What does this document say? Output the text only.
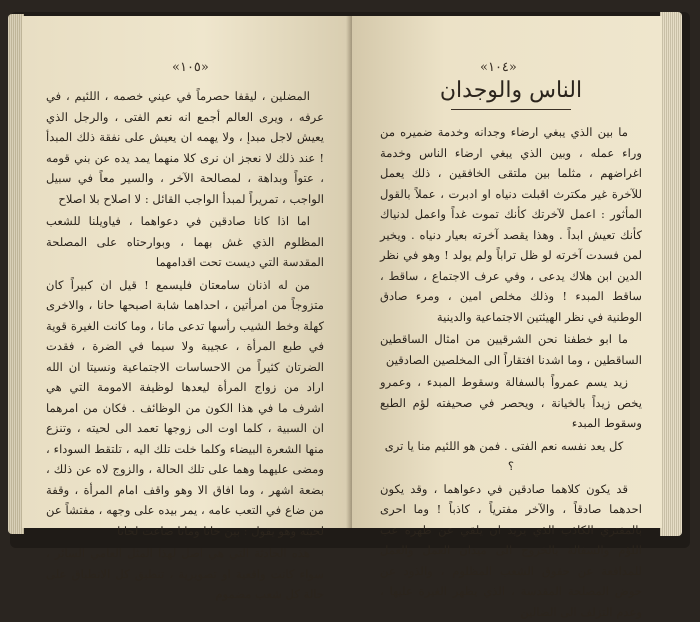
«١٠٥»

المضلين ، ليقفا حصرماً في عيني خصمه ، اللئيم ، في عرفه ، ويرى العالم أجمع انه نعم الفتى ، والرجل الذي يعيش لاجل مبدإ ، ولا يهمه ان يعيش على نفقة ذلك المبدأ ! عند ذلك لا نعجز ان نرى كلا منهما يمد يده عن بني قومه ، عتواً وبداهة ، لمصالحة الآخر ، والسير معاً في سبيل الواجب ، تمريراً لمبدأ الواجب القائل : لا اصلاح بلا اصلاح

اما اذا كانا صادقين في دعواهما ، فياويلنا للشعب المظلوم الذي غش بهما ، وبوارحتاه على المصلحة المقدسة التي ديست تحت اقدامهما

من له اذنان سامعتان فليسمع ! قيل ان كبيراً كان متزوجاً من امرأتين ، احداهما شابة اصبحها حانا ، والاخرى كهلة وخط الشيب رأسها تدعى مانا ، وما كانت الغيرة قوية في طبع المرأة ، عجيبة ولا سيما في الضرة ، فقدت الضرتان كثيراً من الاحساسات الاجتماعية ونسيتا ان الله اراد من زواج المرأة ليعدها لوظيفة الامومة التي هي اشرف ما في هذا الكون من الوظائف . فكان من امرهما ان السبية ، كلما اوت الى زوجها تعمد الى لحيته ، وتنزع منها الشعرة البيضاء وكلما خلت تلك اليه ، تلتقط السوداء ، ومضى عليهما وهما على تلك الحالة ، والزوج لاه عن ذلك ، بضعة اشهر ، وما افاق الا وهو واقف امام المرأة ، وقفة من ضاع في التعب عامه ، يمر بيده على وجهه ، مفتشاً عن لحيته وهو يقول : بين حانا ومانا ضاعت لحانا

هذه الحادثة التي هي اصل لهذا المثل العامي السائر ، سواء كانت واقعية او تصويرية ، تنطبق كل الانطباق على حالة كل شعب مضموم

«١٠٤»
الناس والوجدان

ما بين الذي يبغي ارضاء وجدانه وخدمة ضميره من وراء عمله ، وبين الذي يبغي ارضاء الناس وخدمة اغراضهم ، مثلما بين ملتقى الخافقين ، ذلك يعمل للآخرة غير مكترث اقبلت دنياه او ادبرت ، عملاً بالقول المأثور : اعمل لآخرتك كأنك تموت غداً واعمل لدنياك كأنك تعيش ابداً . وهذا يقصد آخرته بعيار دنياه . ويخير لمن فسدت آخرته لو ظل تراباً ولم يولد ! وهو في نظر الدين ابن هلاك يدعى ، وفي عرف الاجتماع ، ساقط ، ساقط المبدء ! وذلك مخلص امين ، ومرء صادق الوطنية في نظر الهيئتين الاجتماعية والدينية

ما ابو خطفنا نحن الشرقيين من امثال الساقطين الساقطين ، وما اشدنا افتقاراً الى المخلصين الصادقين

زيد يسم عمرواً بالسفالة وسقوط المبدء ، وعمرو يخص زيداً بالخيانة ، ويحصر في صحيفته لؤم الطبع وسقوط المبدء

كل يعد نفسه نعم الفتى . فمن هو اللئيم منا يا ترى ؟

قد يكون كلاهما صادقين في دعواهما ، وقد يكون احدهما صادقاً ، والآخر مفترياً ، كاذباً ! وما احرى بالمفتري الكاذب الذي يريد ان يلقي عن ظهره عب اللؤم والسفالة بالخروج الى ميدان العمل والعمل للمدافعة عن حقوق الشعب المظلوم ، والذود عن حوض المصلحة المقدسة ، الذي يظهر الغيرة عليها ، وعدم التزلف الى الضالين
